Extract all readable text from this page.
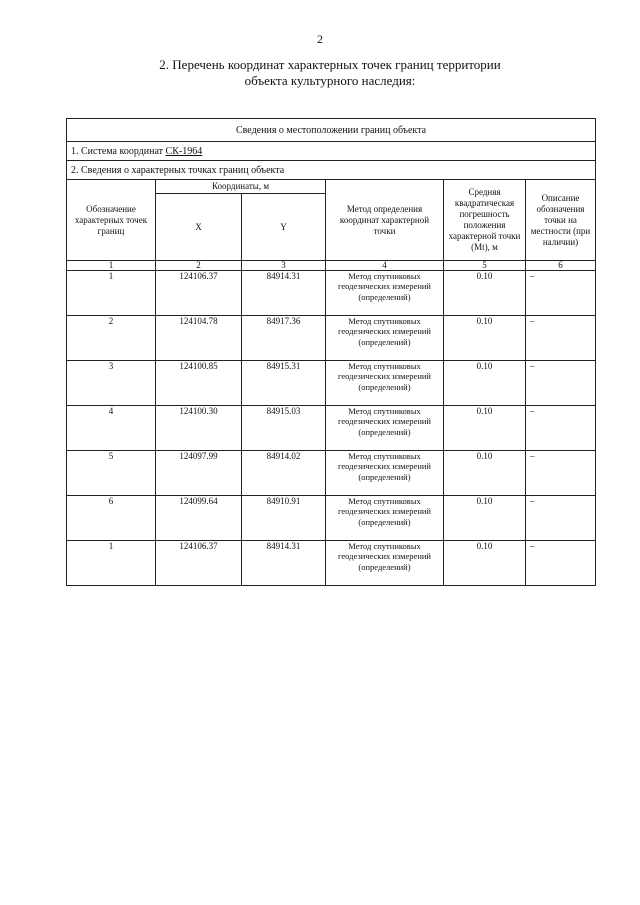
2
2. Перечень координат характерных точек границ территории
объекта культурного наследия:
Сведения о местоположении границ объекта					
1. Система координат СК-1964					
2. Сведения о характерных точках границ объекта					
Обозначение характерных точек границ	Координаты, м		Метод определения координат характерной точки	Средняя квадратическая погрешность положения характерной точки (Mt), м	Описание обозначения точки на местности (при наличии)
	X	Y			
1	2	3	4	5	6
1	124106.37	84914.31	Метод спутниковых геодезических измерений (определений)	0.10	–
2	124104.78	84917.36	Метод спутниковых геодезических измерений (определений)	0.10	–
3	124100.85	84915.31	Метод спутниковых геодезических измерений (определений)	0.10	–
4	124100.30	84915.03	Метод спутниковых геодезических измерений (определений)	0.10	–
5	124097.99	84914.02	Метод спутниковых геодезических измерений (определений)	0.10	–
6	124099.64	84910.91	Метод спутниковых геодезических измерений (определений)	0.10	–
1	124106.37	84914.31	Метод спутниковых геодезических измерений (определений)	0.10	–
